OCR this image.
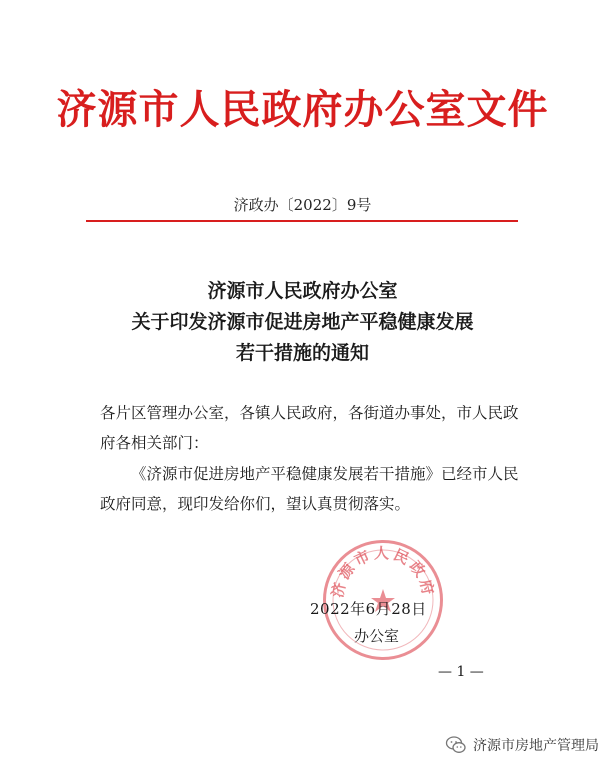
济源市人民政府办公室文件
济政办〔2022〕9号
济源市人民政府办公室
关于印发济源市促进房地产平稳健康发展
若干措施的通知
各片区管理办公室，各镇人民政府，各街道办事处，市人民政府各相关部门：
《济源市促进房地产平稳健康发展若干措施》已经市人民政府同意，现印发给你们，望认真贯彻落实。
济源市人民政府
2022年6月28日
办公室
— 1 —
济源市房地产管理局
